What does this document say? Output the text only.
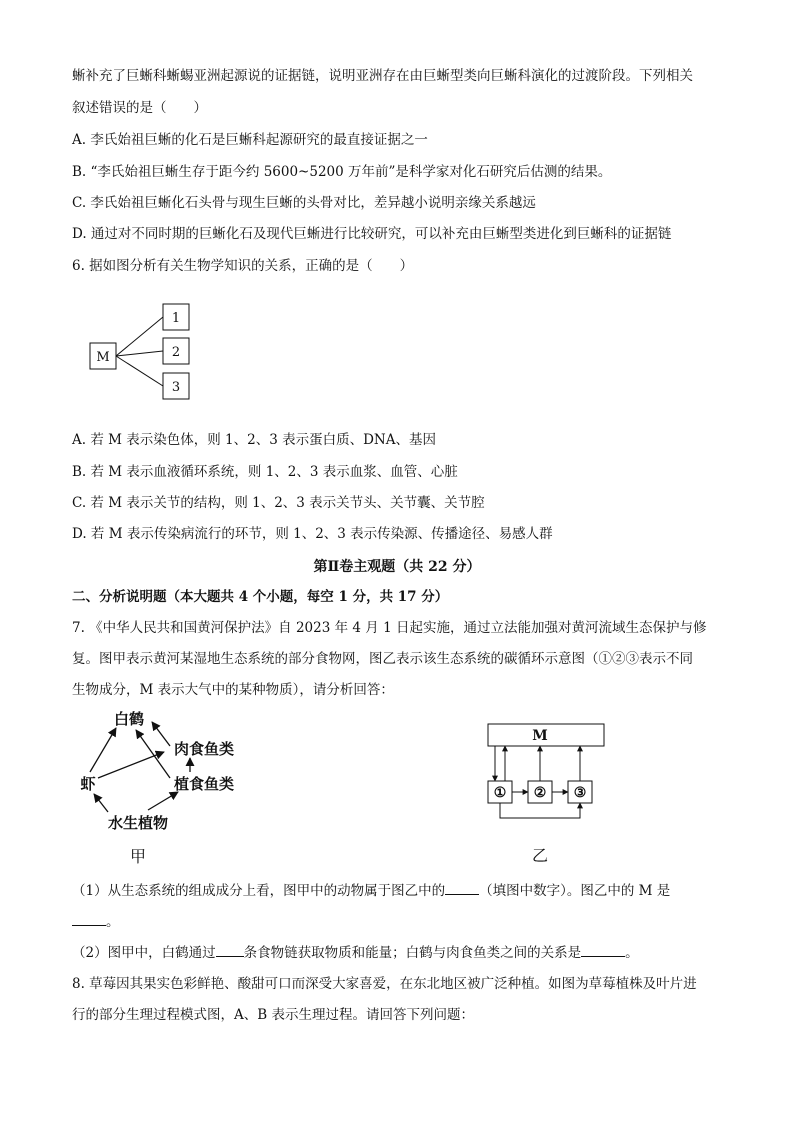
蜥补充了巨蜥科蜥蜴亚洲起源说的证据链，说明亚洲存在由巨蜥型类向巨蜥科演化的过渡阶段。下列相关
叙述错误的是（　　）
A. 李氏始祖巨蜥的化石是巨蜥科起源研究的最直接证据之一
B. “李氏始祖巨蜥生存于距今约 5600~5200 万年前”是科学家对化石研究后估测的结果。
C. 李氏始祖巨蜥化石头骨与现生巨蜥的头骨对比，差异越小说明亲缘关系越远
D. 通过对不同时期的巨蜥化石及现代巨蜥进行比较研究，可以补充由巨蜥型类进化到巨蜥科的证据链
6. 据如图分析有关生物学知识的关系，正确的是（　　）
M
1
2
3
A. 若 M 表示染色体，则 1、2、3 表示蛋白质、DNA、基因
B. 若 M 表示血液循环系统，则 1、2、3 表示血浆、血管、心脏
C. 若 M 表示关节的结构，则 1、2、3 表示关节头、关节囊、关节腔
D. 若 M 表示传染病流行的环节，则 1、2、3 表示传染源、传播途径、易感人群
第Ⅱ卷主观题（共 22 分）
二、分析说明题（本大题共 4 个小题，每空 1 分，共 17 分）
7. 《中华人民共和国黄河保护法》自 2023 年 4 月 1 日起实施，通过立法能加强对黄河流域生态保护与修
复。图甲表示黄河某湿地生态系统的部分食物网，图乙表示该生态系统的碳循环示意图（①②③表示不同
生物成分，M 表示大气中的某种物质），请分析回答：
白鹤
肉食鱼类
虾	植食鱼类
水生植物
甲
M
① ② ③
乙
（1）从生态系统的组成成分上看，图甲中的动物属于图乙中的	（填图中数字）。图乙中的 M 是
。
（2）图甲中，白鹤通过 条食物链获取物质和能量；白鹤与肉食鱼类之间的关系是	。
8. 草莓因其果实色彩鲜艳、酸甜可口而深受大家喜爱，在东北地区被广泛种植。如图为草莓植株及叶片进
行的部分生理过程模式图，A、B 表示生理过程。请回答下列问题：
